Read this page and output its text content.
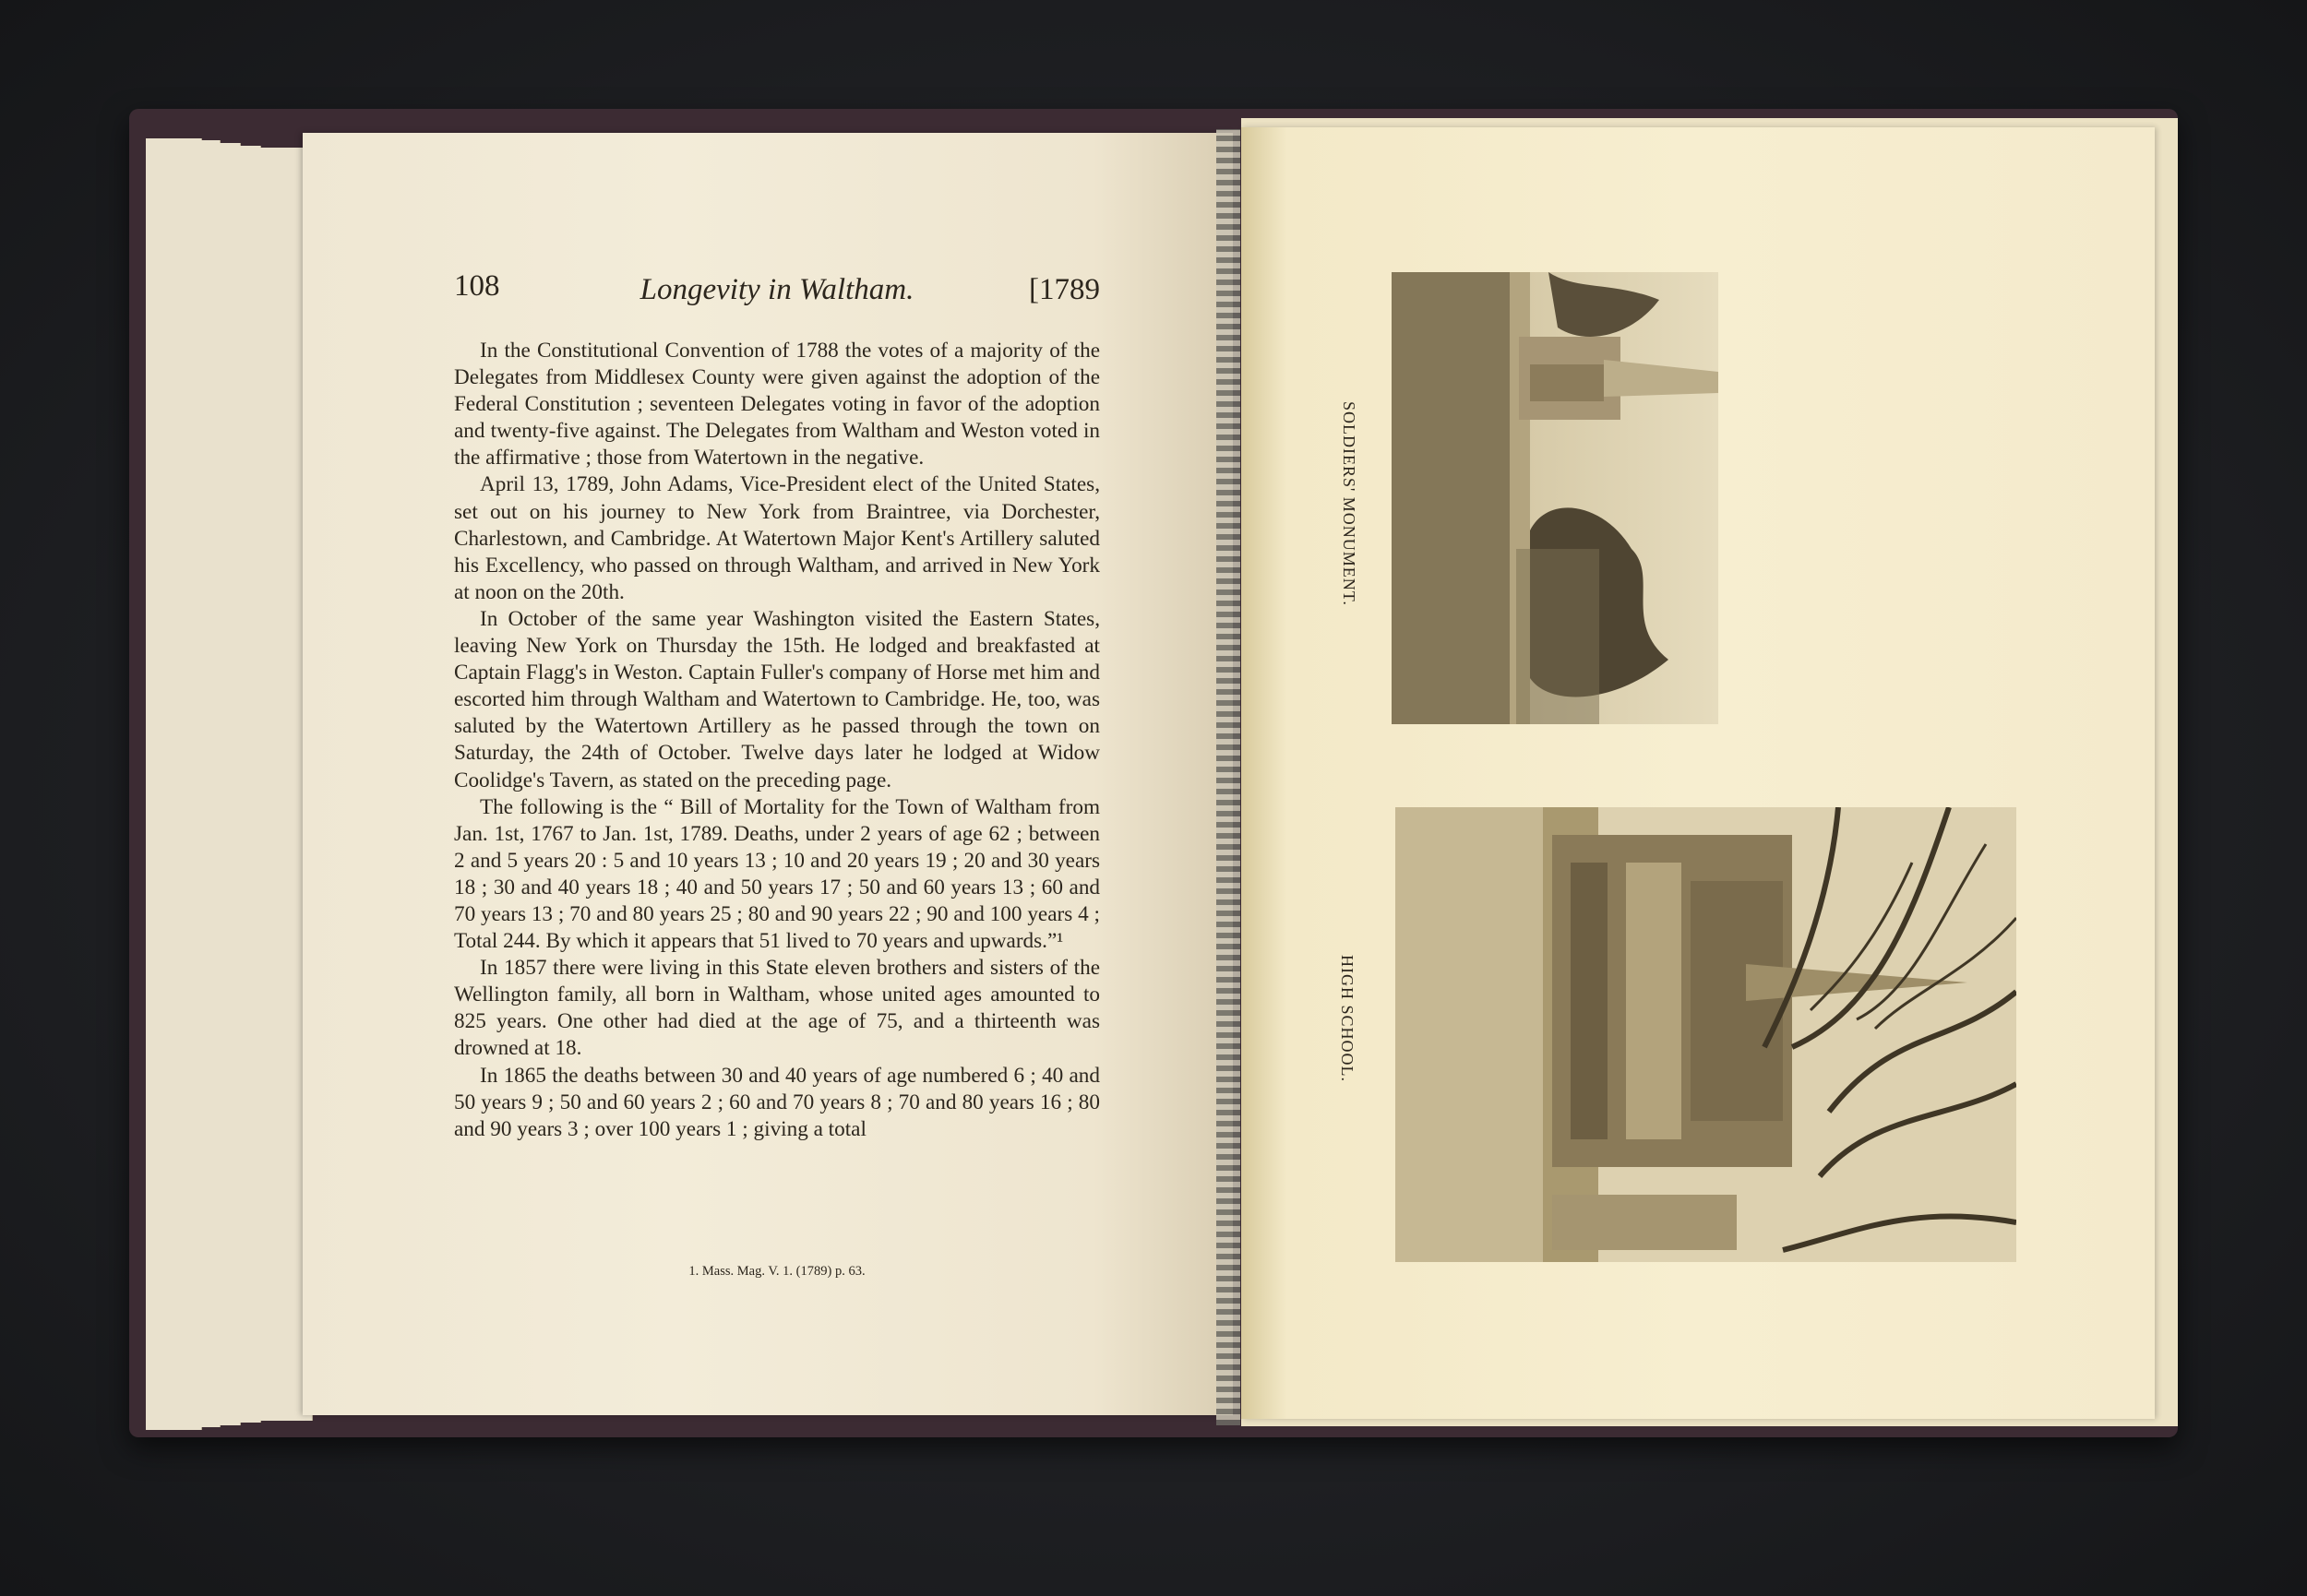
108	Longevity in Waltham.	[1789

In the Constitutional Convention of 1788 the votes of a majority of the Delegates from Middlesex County were given against the adoption of the Federal Constitution ; seventeen Delegates voting in favor of the adoption and twenty-five against. The Delegates from Waltham and Weston voted in the affirmative ; those from Watertown in the negative.

April 13, 1789, John Adams, Vice-President elect of the United States, set out on his journey to New York from Braintree, via Dorchester, Charlestown, and Cambridge. At Watertown Major Kent's Artillery saluted his Excellency, who passed on through Waltham, and arrived in New York at noon on the 20th.

In October of the same year Washington visited the Eastern States, leaving New York on Thursday the 15th. He lodged and breakfasted at Captain Flagg's in Weston. Captain Fuller's company of Horse met him and escorted him through Waltham and Watertown to Cambridge. He, too, was saluted by the Watertown Artillery as he passed through the town on Saturday, the 24th of October. Twelve days later he lodged at Widow Coolidge's Tavern, as stated on the preceding page.

The following is the “ Bill of Mortality for the Town of Waltham from Jan. 1st, 1767 to Jan. 1st, 1789. Deaths, under 2 years of age 62 ; between 2 and 5 years 20 : 5 and 10 years 13 ; 10 and 20 years 19 ; 20 and 30 years 18 ; 30 and 40 years 18 ; 40 and 50 years 17 ; 50 and 60 years 13 ; 60 and 70 years 13 ; 70 and 80 years 25 ; 80 and 90 years 22 ; 90 and 100 years 4 ; Total 244. By which it appears that 51 lived to 70 years and upwards.”¹

In 1857 there were living in this State eleven brothers and sisters of the Wellington family, all born in Waltham, whose united ages amounted to 825 years. One other had died at the age of 75, and a thirteenth was drowned at 18.

In 1865 the deaths between 30 and 40 years of age numbered 6 ; 40 and 50 years 9 ; 50 and 60 years 2 ; 60 and 70 years 8 ; 70 and 80 years 16 ; 80 and 90 years 3 ; over 100 years 1 ; giving a total

1. Mass. Mag. V. 1. (1789) p. 63.
SOLDIERS' MONUMENT.
HIGH SCHOOL.
